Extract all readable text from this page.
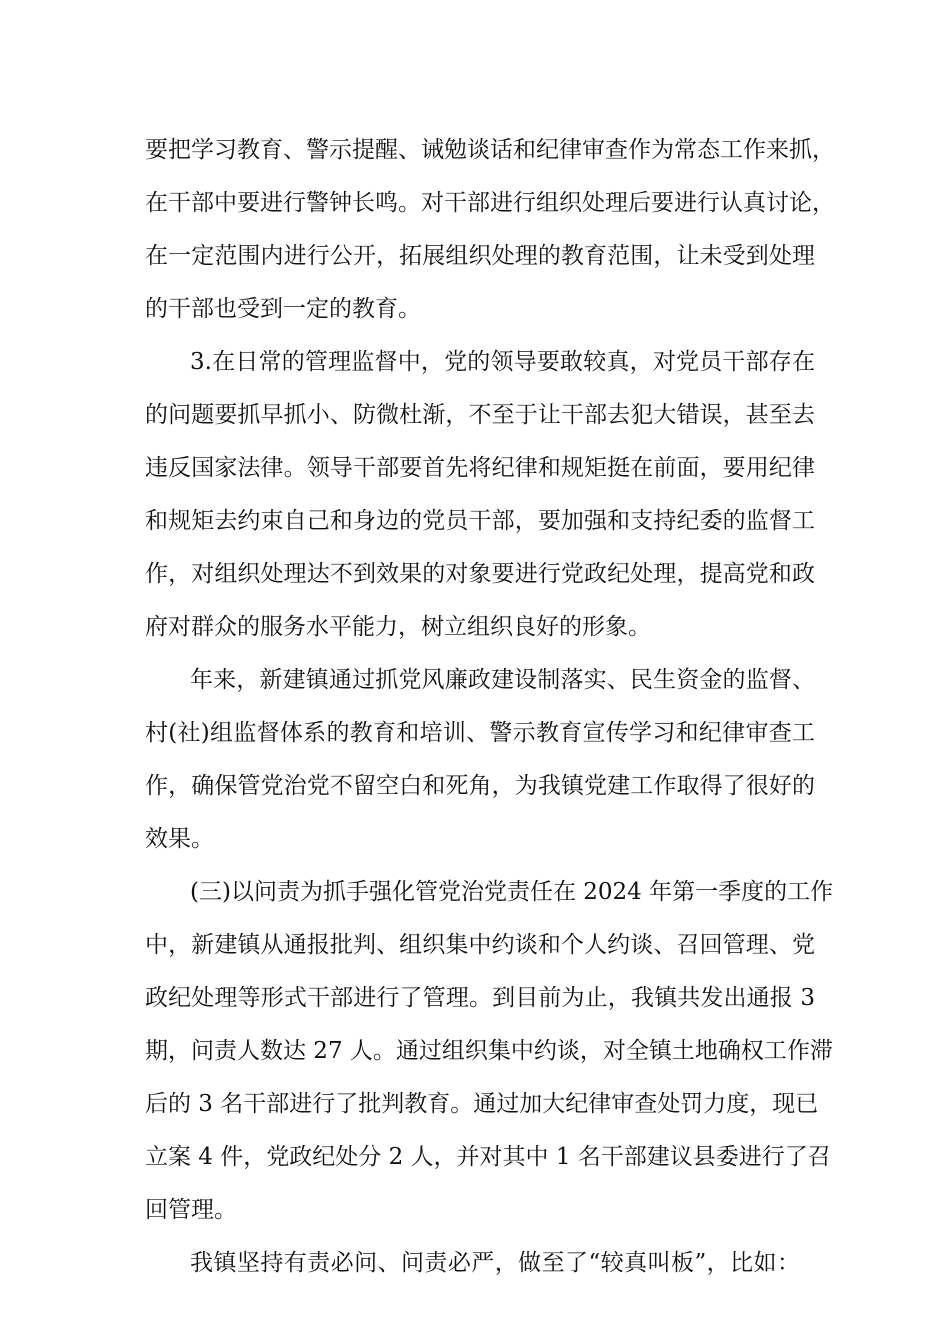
要把学习教育、警示提醒、诫勉谈话和纪律审查作为常态工作来抓，
在干部中要进行警钟长鸣。对干部进行组织处理后要进行认真讨论，
在一定范围内进行公开，拓展组织处理的教育范围，让未受到处理
的干部也受到一定的教育。
3.在日常的管理监督中，党的领导要敢较真，对党员干部存在
的问题要抓早抓小、防微杜渐，不至于让干部去犯大错误，甚至去
违反国家法律。领导干部要首先将纪律和规矩挺在前面，要用纪律
和规矩去约束自己和身边的党员干部，要加强和支持纪委的监督工
作，对组织处理达不到效果的对象要进行党政纪处理，提高党和政
府对群众的服务水平能力，树立组织良好的形象。
年来，新建镇通过抓党风廉政建设制落实、民生资金的监督、
村(社)组监督体系的教育和培训、警示教育宣传学习和纪律审查工
作，确保管党治党不留空白和死角，为我镇党建工作取得了很好的
效果。
(三)以问责为抓手强化管党治党责任在 2024 年第一季度的工作
中，新建镇从通报批判、组织集中约谈和个人约谈、召回管理、党
政纪处理等形式干部进行了管理。到目前为止，我镇共发出通报 3
期，问责人数达 27 人。通过组织集中约谈，对全镇土地确权工作滞
后的 3 名干部进行了批判教育。通过加大纪律审查处罚力度，现已
立案 4 件，党政纪处分 2 人，并对其中 1 名干部建议县委进行了召
回管理。
我镇坚持有责必问、问责必严，做至了“较真叫板”，比如：
